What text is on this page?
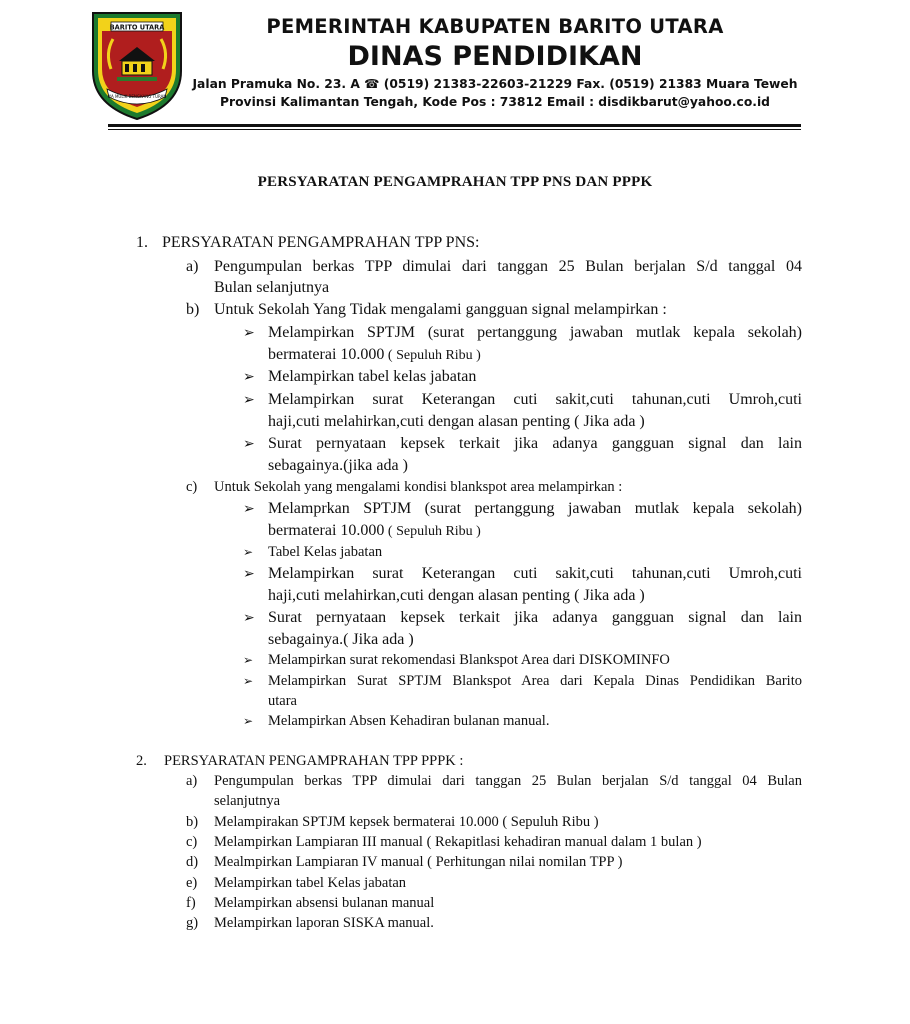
BARITO UTARA
IYA MULIK BENGKANG TURAN
PEMERINTAH KABUPATEN BARITO UTARA
DINAS PENDIDIKAN
Jalan Pramuka No. 23. A ☎ (0519) 21383-22603-21229 Fax. (0519) 21383 Muara Teweh
Provinsi Kalimantan Tengah, Kode Pos : 73812 Email : disdikbarut@yahoo.co.id
PERSYARATAN PENGAMPRAHAN TPP PNS DAN PPPK
1. PERSYARATAN PENGAMPRAHAN TPP PNS:
a) Pengumpulan berkas TPP dimulai dari tanggan 25 Bulan berjalan S/d tanggal 04
Bulan selanjutnya
b) Untuk Sekolah Yang Tidak mengalami gangguan signal melampirkan :
➢ Melampirkan SPTJM (surat pertanggung jawaban mutlak kepala sekolah)
bermaterai 10.000 ( Sepuluh Ribu )
➢ Melampirkan tabel kelas jabatan
➢ Melampirkan surat Keterangan cuti sakit,cuti tahunan,cuti Umroh,cuti
haji,cuti melahirkan,cuti dengan alasan penting ( Jika ada )
➢ Surat pernyataan kepsek terkait jika adanya gangguan signal dan lain
sebagainya.(jika ada )
c) Untuk Sekolah yang mengalami kondisi blankspot area melampirkan :
➢ Melamprkan SPTJM (surat pertanggung jawaban mutlak kepala sekolah)
bermaterai 10.000 ( Sepuluh Ribu )
➢ Tabel Kelas jabatan
➢ Melampirkan surat Keterangan cuti sakit,cuti tahunan,cuti Umroh,cuti
haji,cuti melahirkan,cuti dengan alasan penting ( Jika ada )
➢ Surat pernyataan kepsek terkait jika adanya gangguan signal dan lain
sebagainya.( Jika ada )
➢ Melampirkan surat rekomendasi Blankspot Area dari DISKOMINFO
➢ Melampirkan Surat SPTJM Blankspot Area dari Kepala Dinas Pendidikan Barito
utara
➢ Melampirkan Absen Kehadiran bulanan manual.
2. PERSYARATAN PENGAMPRAHAN TPP PPPK :
a) Pengumpulan berkas TPP dimulai dari tanggan 25 Bulan berjalan S/d tanggal 04 Bulan
selanjutnya
b) Melampirakan SPTJM kepsek bermaterai 10.000 ( Sepuluh Ribu )
c) Melampirkan Lampiaran III manual ( Rekapitlasi kehadiran manual dalam 1 bulan )
d) Mealmpirkan Lampiaran IV manual ( Perhitungan nilai nomilan TPP )
e) Melampirkan tabel Kelas jabatan
f) Melampirkan absensi bulanan manual
g) Melampirkan laporan SISKA manual.
